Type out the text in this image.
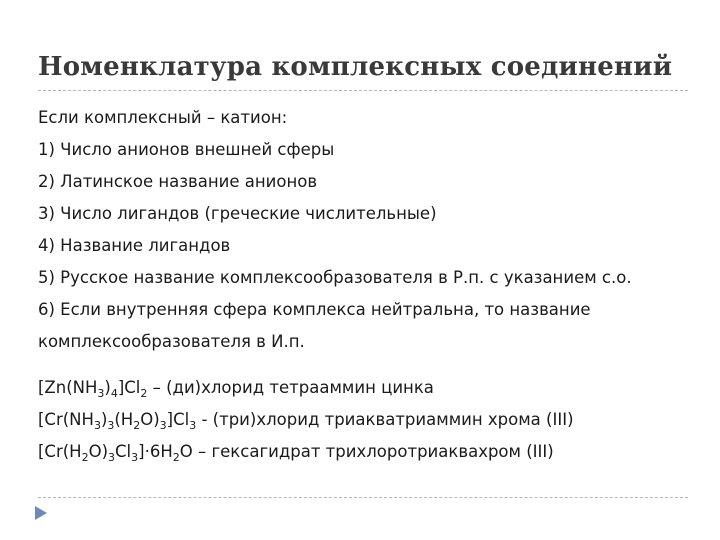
Номенклатура комплексных соединений
Если комплексный – катион:
1) Число анионов внешней сферы
2) Латинское название анионов
3) Число лигандов (греческие числительные)
4) Название лигандов
5) Русское название комплексообразователя в Р.п. с указанием с.о.
6) Если внутренняя сфера комплекса нейтральна, то название комплексообразователя в И.п.
$[Zn(NH_3)_4]Cl_2$ – (ди)хлорид тетрааммин цинка
$[Cr(NH_3)_3(H_2O)_3]Cl_3$ - (три)хлорид триакватриаммин хрома (III)
$[Cr(H_2O)_3Cl_3]\cdot 6H_2O$ – гексагидрат трихлоротриаквахром (III)
